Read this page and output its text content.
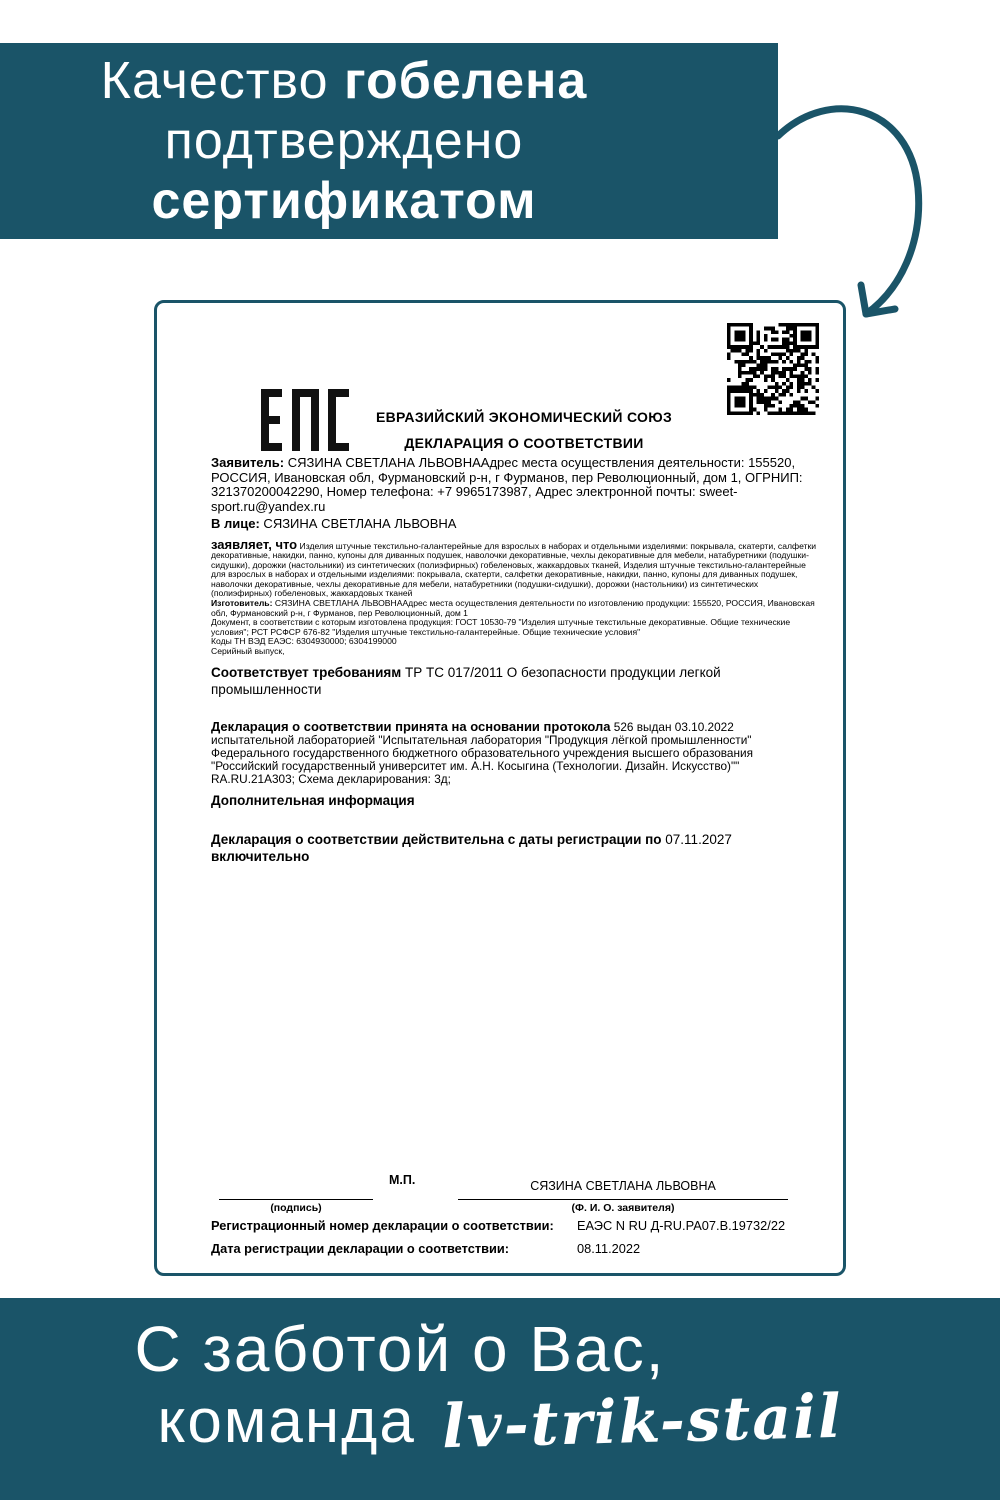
Качество гобелена
подтверждено
сертификатом
ЕВРАЗИЙСКИЙ ЭКОНОМИЧЕСКИЙ СОЮЗ
ДЕКЛАРАЦИЯ О СООТВЕТСТВИИ

Заявитель: СЯЗИНА СВЕТЛАНА ЛЬВОВНААдрес места осуществления деятельности: 155520, РОССИЯ, Ивановская обл, Фурмановский р-н, г Фурманов, пер Революционный, дом 1, ОГРНИП: 321370200042290, Номер телефона: +7 9965173987, Адрес электронной почты: sweet-sport.ru@yandex.ru

В лице: СЯЗИНА СВЕТЛАНА ЛЬВОВНА

заявляет, что Изделия штучные текстильно-галантерейные для взрослых в наборах и отдельными изделиями: покрывала, скатерти, салфетки декоративные, накидки, панно, купоны для диванных подушек, наволочки декоративные, чехлы декоративные для мебели, натабуретники (подушки-сидушки), дорожки (настольники) из синтетических (полиэфирных) гобеленовых, жаккардовых тканей, Изделия штучные текстильно-галантерейные для взрослых в наборах и отдельными изделиями: покрывала, скатерти, салфетки декоративные, накидки, панно, купоны для диванных подушек, наволочки декоративные, чехлы декоративные для мебели, натабуретники (подушки-сидушки), дорожки (настольники) из синтетических (полиэфирных) гобеленовых, жаккардовых тканей

Изготовитель: СЯЗИНА СВЕТЛАНА ЛЬВОВНААдрес места осуществления деятельности по изготовлению продукции: 155520, РОССИЯ, Ивановская обл, Фурмановский р-н, г Фурманов, пер Революционный, дом 1

Документ, в соответствии с которым изготовлена продукция: ГОСТ 10530-79 "Изделия штучные текстильные декоративные. Общие технические условия"; РСТ РСФСР 676-82 "Изделия штучные текстильно-галантерейные. Общие технические условия"

Коды ТН ВЭД ЕАЭС: 6304930000; 6304199000

Серийный выпуск,

Соответствует требованиям ТР ТС 017/2011 О безопасности продукции легкой промышленности

Декларация о соответствии принята на основании протокола 526 выдан 03.10.2022 испытательной лабораторией "Испытательная лаборатория "Продукция лёгкой промышленности" Федерального государственного бюджетного образовательного учреждения высшего образования "Российский государственный университет им. А.Н. Косыгина (Технологии. Дизайн. Искусство)"" RA.RU.21А303; Схема декларирования: 3д;

Дополнительная информация

Декларация о соответствии действительна с даты регистрации по 07.11.2027
включительно

М.П.	СЯЗИНА СВЕТЛАНА ЛЬВОВНА
(подпись)	(Ф. И. О. заявителя)
Регистрационный номер декларации о соответствии: ЕАЭС N RU Д-RU.РА07.В.19732/22
Дата регистрации декларации о соответствии:	08.11.2022
С заботой о Вас,
команда lv-trik-stail
